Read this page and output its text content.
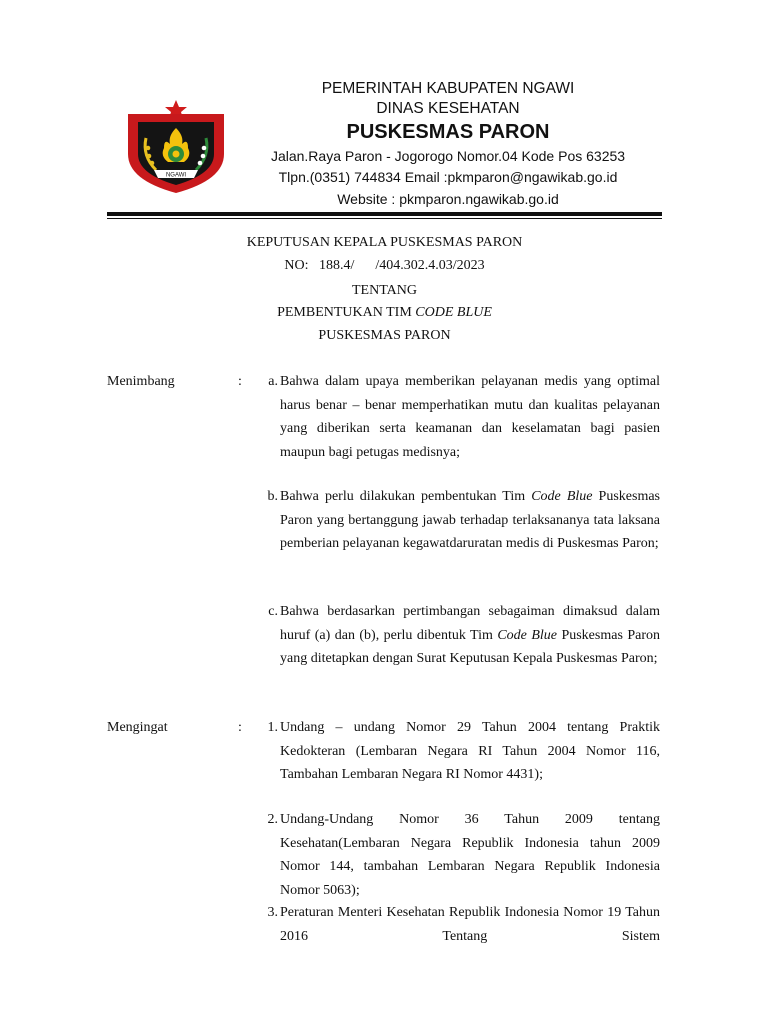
NGAWI
PEMERINTAH KABUPATEN NGAWI
DINAS KESEHATAN
PUSKESMAS PARON
Jalan.Raya Paron - Jogorogo Nomor.04 Kode Pos 63253
Tlpn.(0351) 744834 Email :pkmparon@ngawikab.go.id
Website : pkmparon.ngawikab.go.id
KEPUTUSAN KEPALA PUSKESMAS PARON
NO:   188.4/      /404.302.4.03/2023
TENTANG
PEMBENTUKAN TIM CODE BLUE
PUSKESMAS PARON
Menimbang	:	a. Bahwa dalam upaya memberikan pelayanan medis yang optimal harus benar – benar memperhatikan mutu dan kualitas pelayanan yang diberikan serta keamanan dan keselamatan bagi pasien maupun bagi petugas medisnya;
b. Bahwa perlu dilakukan pembentukan Tim Code Blue Puskesmas Paron yang bertanggung jawab terhadap terlaksananya tata laksana pemberian pelayanan kegawatdaruratan medis di Puskesmas Paron;
c. Bahwa berdasarkan pertimbangan sebagaiman dimaksud dalam huruf (a) dan (b), perlu dibentuk Tim Code Blue Puskesmas Paron yang ditetapkan dengan Surat Keputusan Kepala Puskesmas Paron;
Mengingat	:	1. Undang – undang Nomor 29 Tahun 2004 tentang Praktik Kedokteran (Lembaran Negara RI Tahun 2004 Nomor 116, Tambahan Lembaran Negara RI Nomor 4431);
2. Undang-Undang Nomor 36 Tahun 2009 tentang Kesehatan(Lembaran Negara Republik Indonesia tahun 2009 Nomor 144, tambahan Lembaran Negara Republik Indonesia Nomor 5063);
3. Peraturan Menteri Kesehatan Republik Indonesia Nomor 19 Tahun 2016 Tentang Sistem
